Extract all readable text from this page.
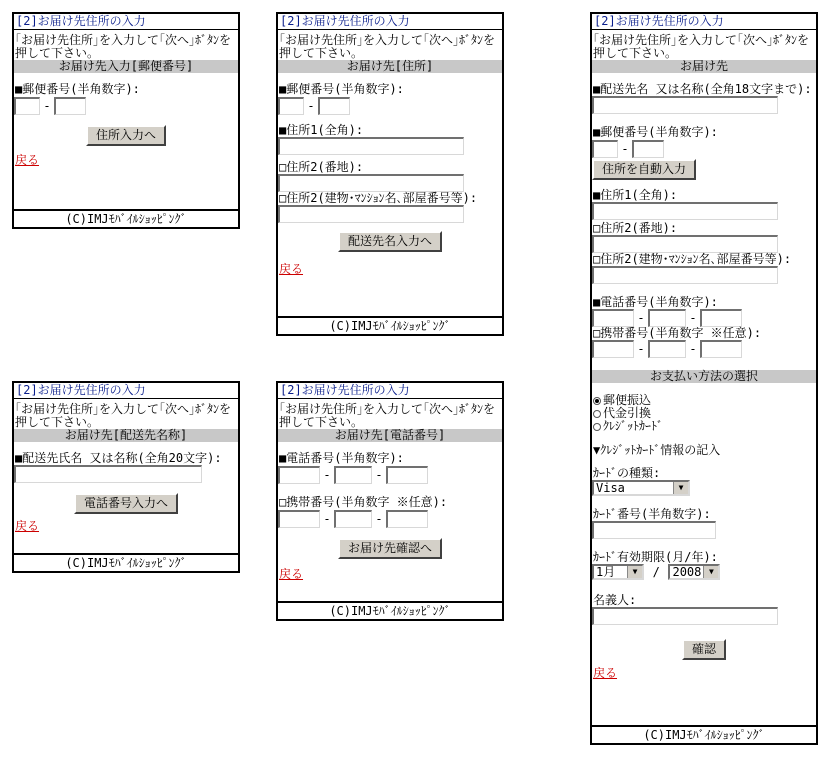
[2]お届け先住所の入力
｢お届け先住所｣を入力して｢次へ｣ﾎﾞﾀﾝを押して下さい｡
お届け先入力[郵便番号]
■郵便番号(半角数字):
-
住所入力へ
戻る
(C)IMJﾓﾊﾞｲﾙｼｮｯﾋﾟﾝｸﾞ
[2]お届け先住所の入力
｢お届け先住所｣を入力して｢次へ｣ﾎﾞﾀﾝを押して下さい｡
お届け先[住所]
■郵便番号(半角数字):
-
■住所1(全角):
□住所2(番地):
□住所2(建物･ﾏﾝｼｮﾝ名､部屋番号等):
配送先名入力へ
戻る
(C)IMJﾓﾊﾞｲﾙｼｮｯﾋﾟﾝｸﾞ
[2]お届け先住所の入力
｢お届け先住所｣を入力して｢次へ｣ﾎﾞﾀﾝを押して下さい｡
お届け先[配送先名称]
■配送先氏名 又は名称(全角20文字):
電話番号入力へ
戻る
(C)IMJﾓﾊﾞｲﾙｼｮｯﾋﾟﾝｸﾞ
[2]お届け先住所の入力
｢お届け先住所｣を入力して｢次へ｣ﾎﾞﾀﾝを押して下さい｡
お届け先[電話番号]
■電話番号(半角数字):
-	-
□携帯番号(半角数字 ※任意):
-	-
お届け先確認へ
戻る
(C)IMJﾓﾊﾞｲﾙｼｮｯﾋﾟﾝｸﾞ
[2]お届け先住所の入力
｢お届け先住所｣を入力して｢次へ｣ﾎﾞﾀﾝを押して下さい｡
お届け先
■配送先名 又は名称(全角18文字まで):
■郵便番号(半角数字):
-
住所を自動入力
■住所1(全角):
□住所2(番地):
□住所2(建物･ﾏﾝｼｮﾝ名､部屋番号等):
■電話番号(半角数字):
-	-
□携帯番号(半角数字 ※任意):
-	-
お支払い方法の選択
郵便振込
代金引換
ｸﾚｼﾞｯﾄｶｰﾄﾞ
▼ｸﾚｼﾞｯﾄｶｰﾄﾞ情報の記入
ｶｰﾄﾞの種類:
Visa	▼
ｶｰﾄﾞ番号(半角数字):
ｶｰﾄﾞ有効期限(月/年):
1月	▼	/ 2008 ▼
名義人:
確認
戻る
(C)IMJﾓﾊﾞｲﾙｼｮｯﾋﾟﾝｸﾞ
